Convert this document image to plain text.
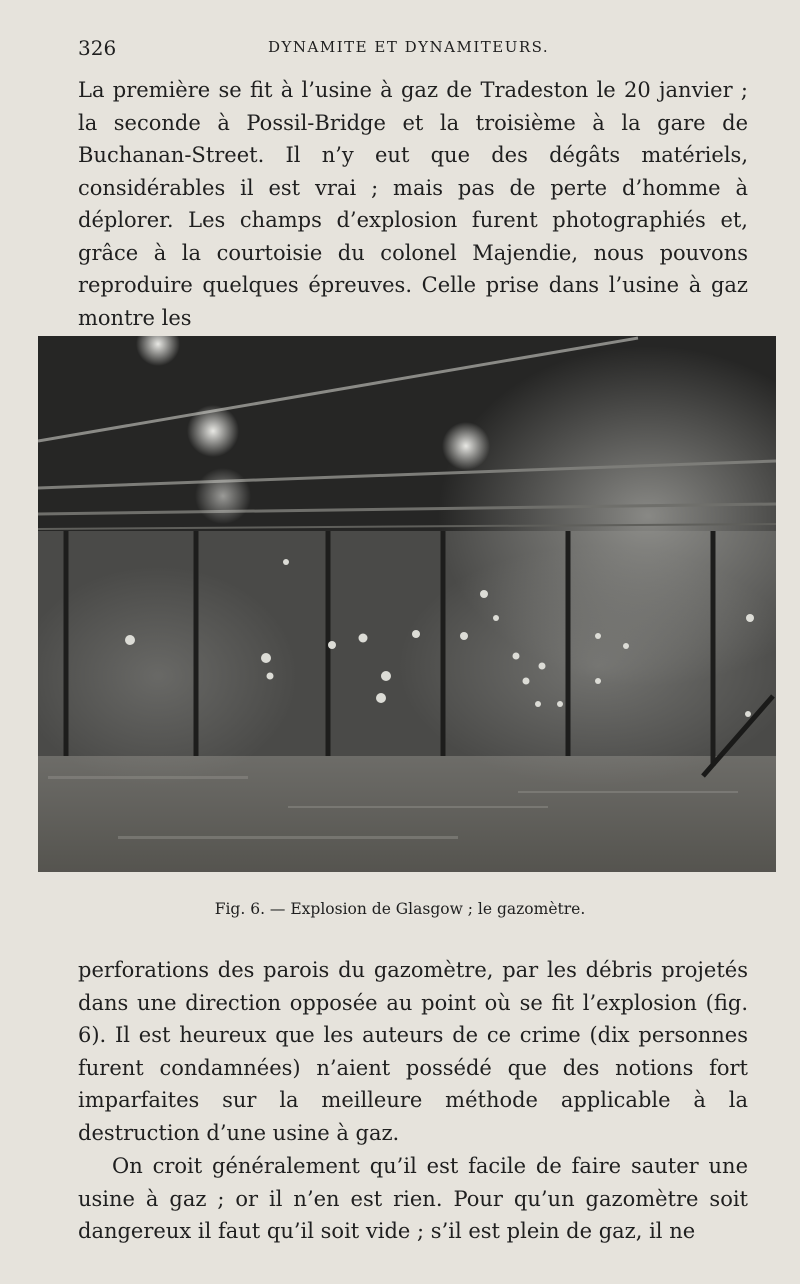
326	DYNAMITE ET DYNAMITEURS.

La première se fit à l’usine à gaz de Tradeston le 20 janvier ; la seconde à Possil-Bridge et la troisième à la gare de Buchanan-Street. Il n’y eut que des dégâts matériels, considérables il est vrai ; mais pas de perte d’homme à déplorer. Les champs d’explosion furent photographiés et, grâce à la courtoisie du colonel Majendie, nous pouvons reproduire quelques épreuves. Celle prise dans l’usine à gaz montre les

Fig. 6. — Explosion de Glasgow ; le gazomètre.

perforations des parois du gazomètre, par les débris projetés dans une direction opposée au point où se fit l’explosion (fig. 6). Il est heureux que les auteurs de ce crime (dix personnes furent condamnées) n’aient possédé que des notions fort imparfaites sur la meilleure méthode applicable à la destruction d’une usine à gaz.

On croit généralement qu’il est facile de faire sauter une usine à gaz ; or il n’en est rien. Pour qu’un gazomètre soit dangereux il faut qu’il soit vide ; s’il est plein de gaz, il ne
